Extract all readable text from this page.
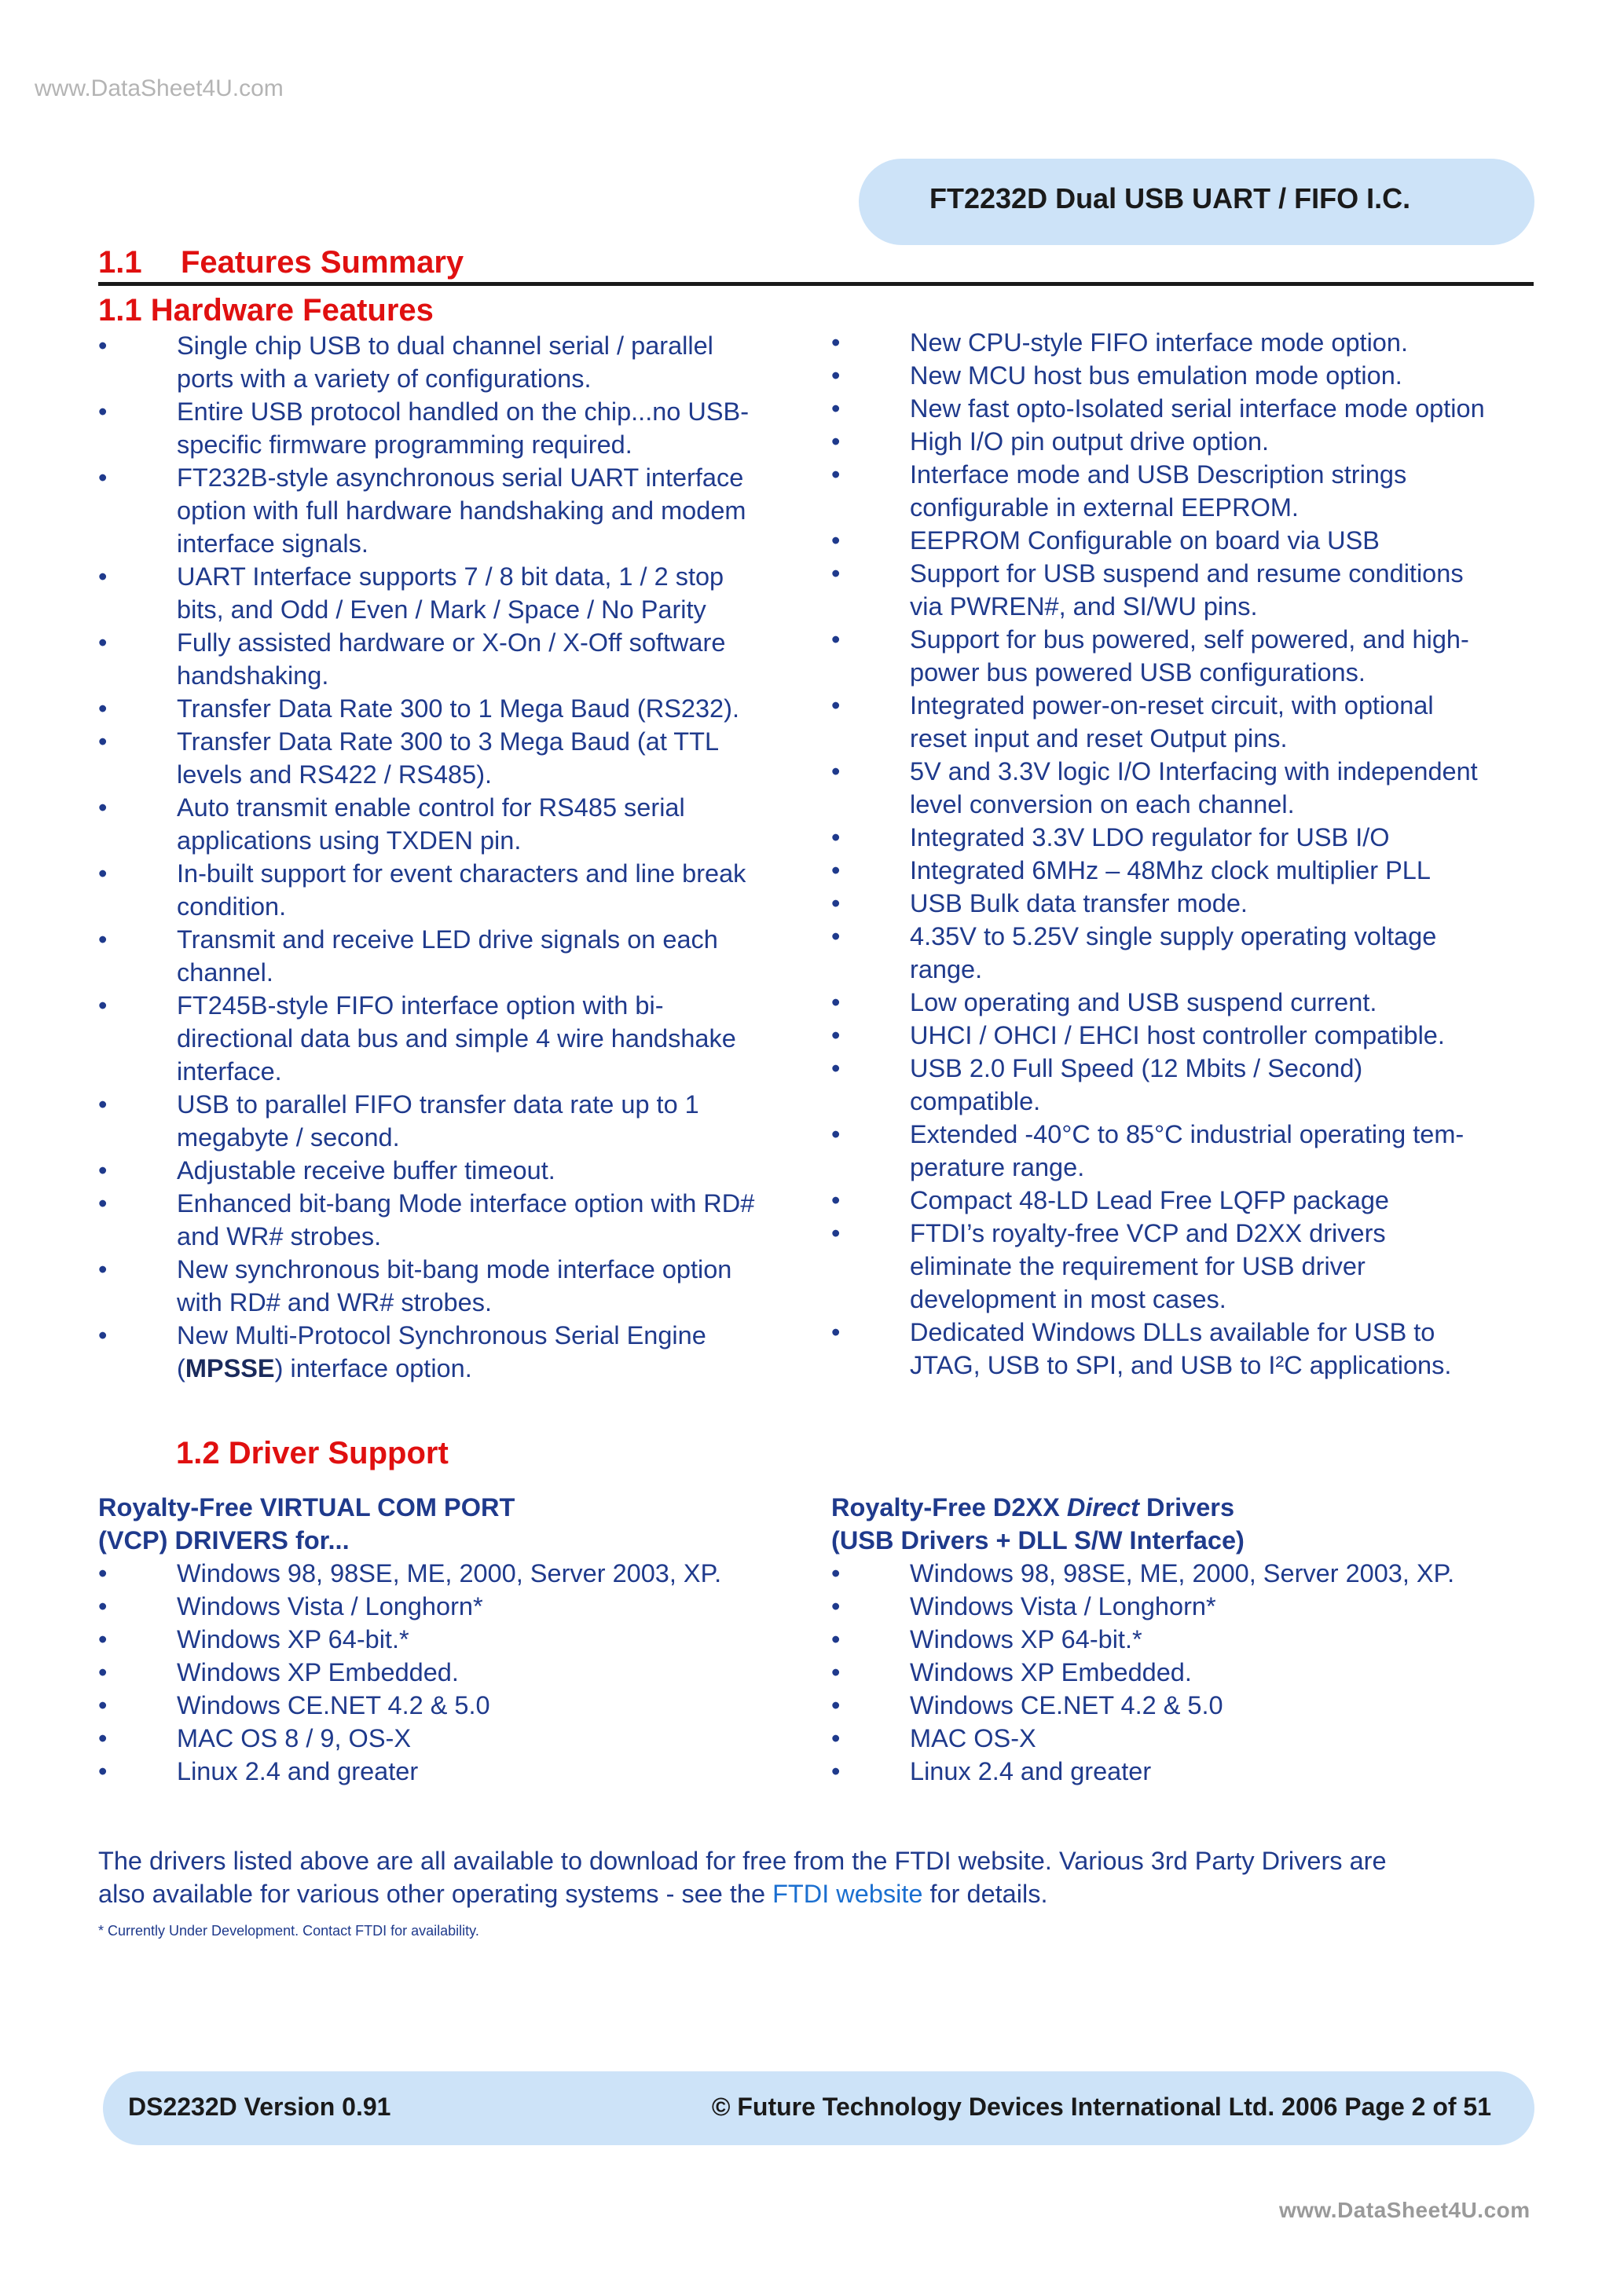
www.DataSheet4U.com
FT2232D Dual USB UART / FIFO I.C.
1.1 Features Summary
1.1 Hardware Features
•	Single chip USB to dual channel serial / parallel
ports with a variety of configurations.
•	Entire USB protocol handled on the chip...no USB-
specific firmware programming required.
•	FT232B-style asynchronous serial UART interface
option with full hardware handshaking and modem
interface signals.
•	UART Interface supports 7 / 8 bit data, 1 / 2 stop
bits, and Odd / Even / Mark / Space / No Parity
•	Fully assisted hardware or X-On / X-Off software
handshaking.
•	Transfer Data Rate 300 to 1 Mega Baud (RS232).
•	Transfer Data Rate 300 to 3 Mega Baud (at TTL
levels and RS422 / RS485).
•	Auto transmit enable control for RS485 serial
applications using TXDEN pin.
•	In-built support for event characters and line break
condition.
•	Transmit and receive LED drive signals on each
channel.
•	FT245B-style FIFO interface option with bi-
directional data bus and simple 4 wire handshake
interface.
•	USB to parallel FIFO transfer data rate up to 1
megabyte / second.
•	Adjustable receive buffer timeout.
•	Enhanced bit-bang Mode interface option with RD#
and WR# strobes.
•	New synchronous bit-bang mode interface option
with RD# and WR# strobes.
•	New Multi-Protocol Synchronous Serial Engine
(MPSSE) interface option.
•	New CPU-style FIFO interface mode option.
•	New MCU host bus emulation mode option.
•	New fast opto-Isolated serial interface mode option
•	High I/O pin output drive option.
•	Interface mode and USB Description strings
configurable in external EEPROM.
•	EEPROM Configurable on board via USB
•	Support for USB suspend and resume conditions
via PWREN#, and SI/WU pins.
•	Support for bus powered, self powered, and high-
power bus powered USB configurations.
•	Integrated power-on-reset circuit, with optional
reset input and reset Output pins.
•	5V and 3.3V logic I/O Interfacing with independent
level conversion on each channel.
•	Integrated 3.3V LDO regulator for USB I/O
•	Integrated 6MHz – 48Mhz clock multiplier PLL
•	USB Bulk data transfer mode.
•	4.35V to 5.25V single supply operating voltage
range.
•	Low operating and USB suspend current.
•	UHCI / OHCI / EHCI host controller compatible.
•	USB 2.0 Full Speed (12 Mbits / Second)
compatible.
•	Extended -40°C to 85°C industrial operating tem-
perature range.
•	Compact 48-LD Lead Free LQFP package
•	FTDI’s royalty-free VCP and D2XX drivers
eliminate the requirement for USB driver
development in most cases.
•	Dedicated Windows DLLs available for USB to
JTAG, USB to SPI, and USB to I²C applications.
1.2 Driver Support
Royalty-Free VIRTUAL COM PORT
(VCP) DRIVERS for...
•	Windows 98, 98SE, ME, 2000, Server 2003, XP.
•	Windows Vista / Longhorn*
•	Windows XP 64-bit.*
•	Windows XP Embedded.
•	Windows CE.NET 4.2 & 5.0
•	MAC OS 8 / 9, OS-X
•	Linux 2.4 and greater
Royalty-Free D2XX Direct Drivers
(USB Drivers + DLL S/W Interface)
•	Windows 98, 98SE, ME, 2000, Server 2003, XP.
•	Windows Vista / Longhorn*
•	Windows XP 64-bit.*
•	Windows XP Embedded.
•	Windows CE.NET 4.2 & 5.0
•	MAC OS-X
•	Linux 2.4 and greater
The drivers listed above are all available to download for free from the FTDI website. Various 3rd Party Drivers are
also available for various other operating systems - see the FTDI website for details.
* Currently Under Development. Contact FTDI for availability.
DS2232D Version 0.91	© Future Technology Devices International Ltd. 2006 Page 2 of 51
www.DataSheet4U.com
